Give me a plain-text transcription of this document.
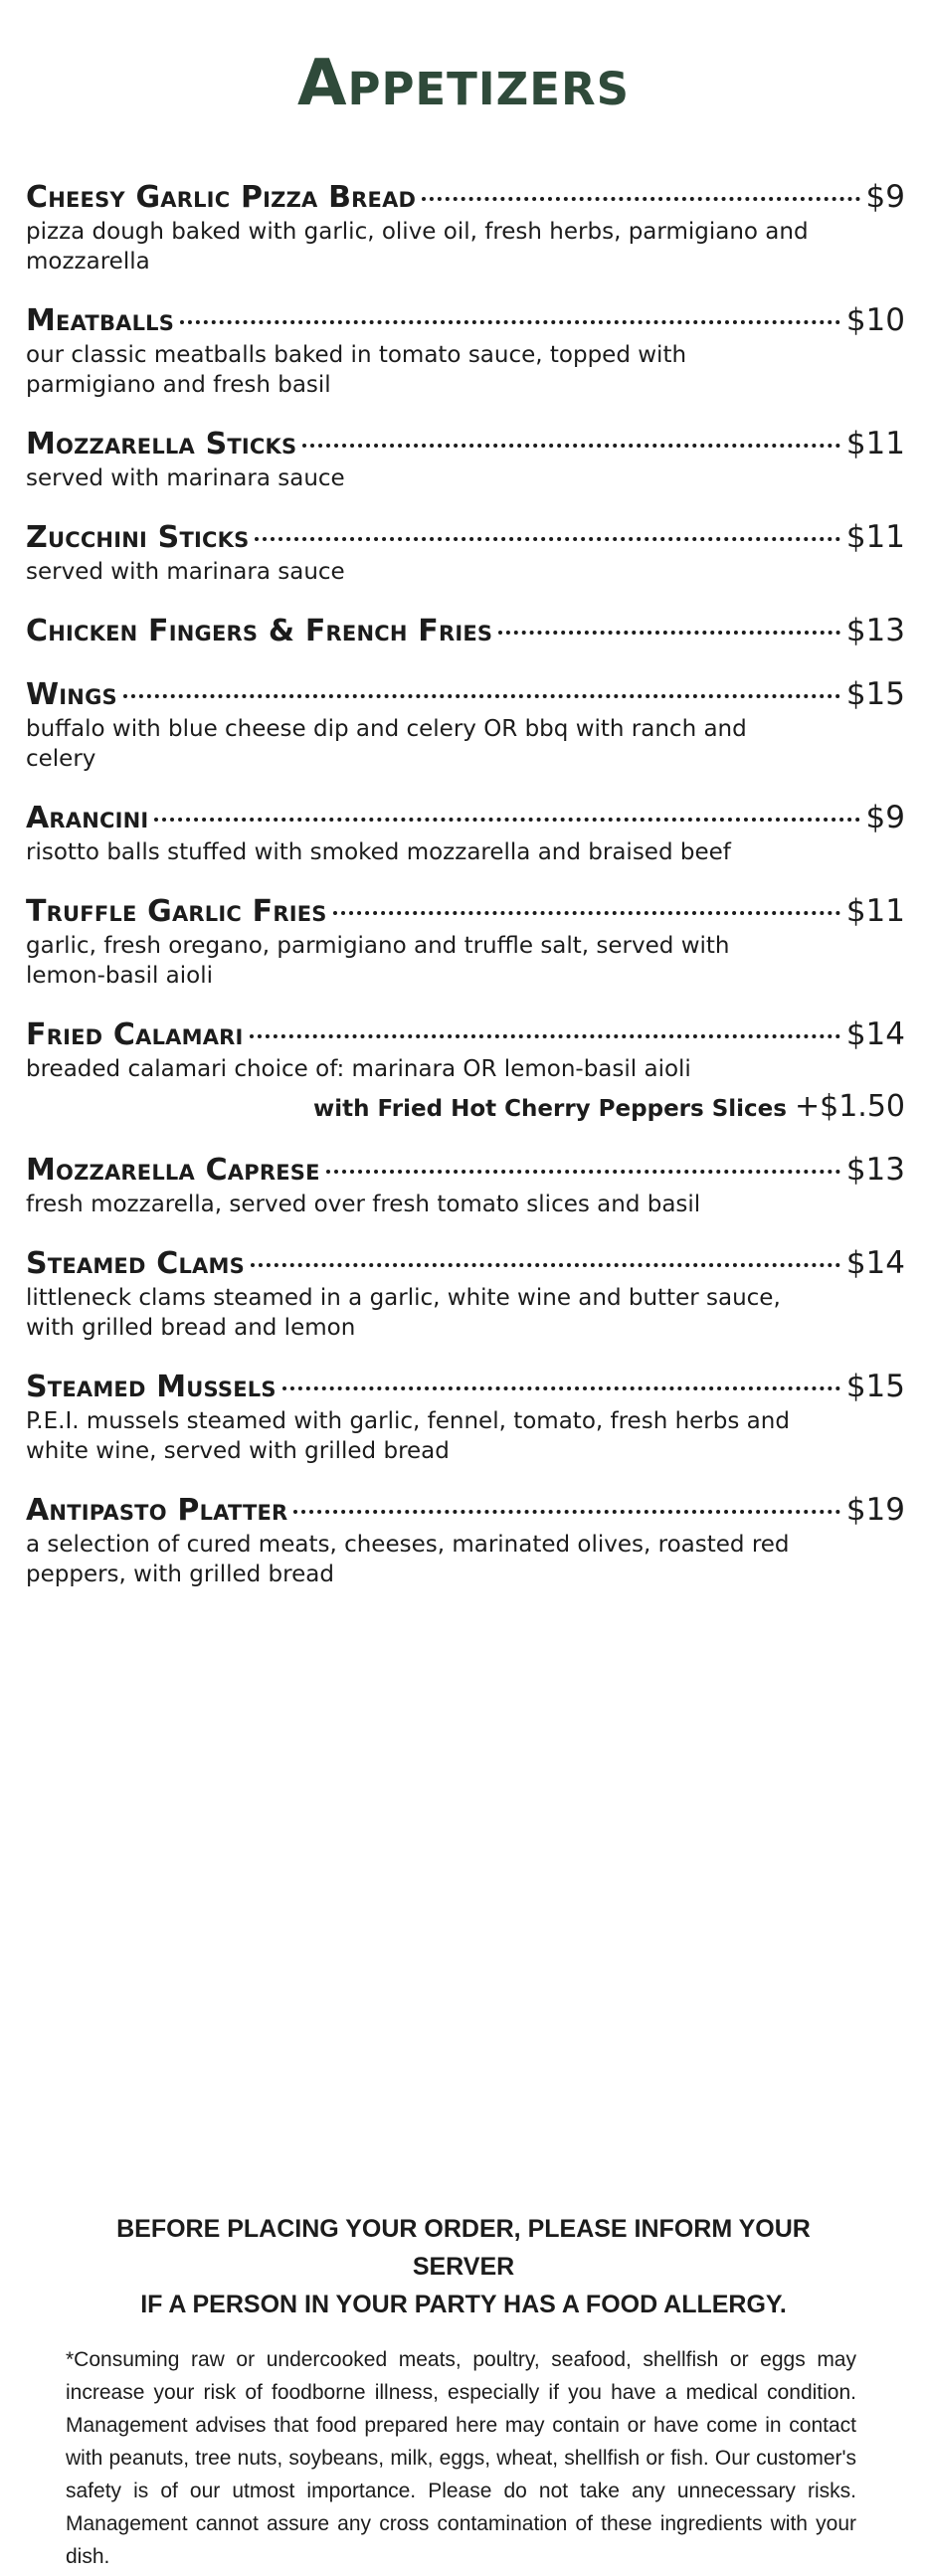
Appetizers
Cheesy Garlic Pizza Bread	$9
pizza dough baked with garlic, olive oil, fresh herbs, parmigiano and mozzarella
Meatballs	$10
our classic meatballs baked in tomato sauce, topped with parmigiano and fresh basil
Mozzarella Sticks	$11
served with marinara sauce
Zucchini Sticks	$11
served with marinara sauce
Chicken Fingers & French Fries	$13
Wings	$15
buffalo with blue cheese dip and celery OR bbq with ranch and celery
Arancini	$9
risotto balls stuffed with smoked mozzarella and braised beef
Truffle Garlic Fries	$11
garlic, fresh oregano, parmigiano and truffle salt, served with lemon-basil aioli
Fried Calamari	$14
breaded calamari choice of: marinara OR lemon-basil aioli
with Fried Hot Cherry Peppers Slices +$1.50
Mozzarella Caprese	$13
fresh mozzarella, served over fresh tomato slices and basil
Steamed Clams	$14
littleneck clams steamed in a garlic, white wine and butter sauce, with grilled bread and lemon
Steamed Mussels	$15
P.E.I. mussels steamed with garlic, fennel, tomato, fresh herbs and white wine, served with grilled bread
Antipasto Platter	$19
a selection of cured meats, cheeses, marinated olives, roasted red peppers, with grilled bread
BEFORE PLACING YOUR ORDER, PLEASE INFORM YOUR SERVER
IF A PERSON IN YOUR PARTY HAS A FOOD ALLERGY.
*Consuming raw or undercooked meats, poultry, seafood, shellfish or eggs may increase your risk of foodborne illness, especially if you have a medical condition. Management advises that food prepared here may contain or have come in contact with peanuts, tree nuts, soybeans, milk, eggs, wheat, shellfish or fish. Our customer's safety is of our utmost importance. Please do not take any unnecessary risks. Management cannot assure any cross contamination of these ingredients with your dish.
